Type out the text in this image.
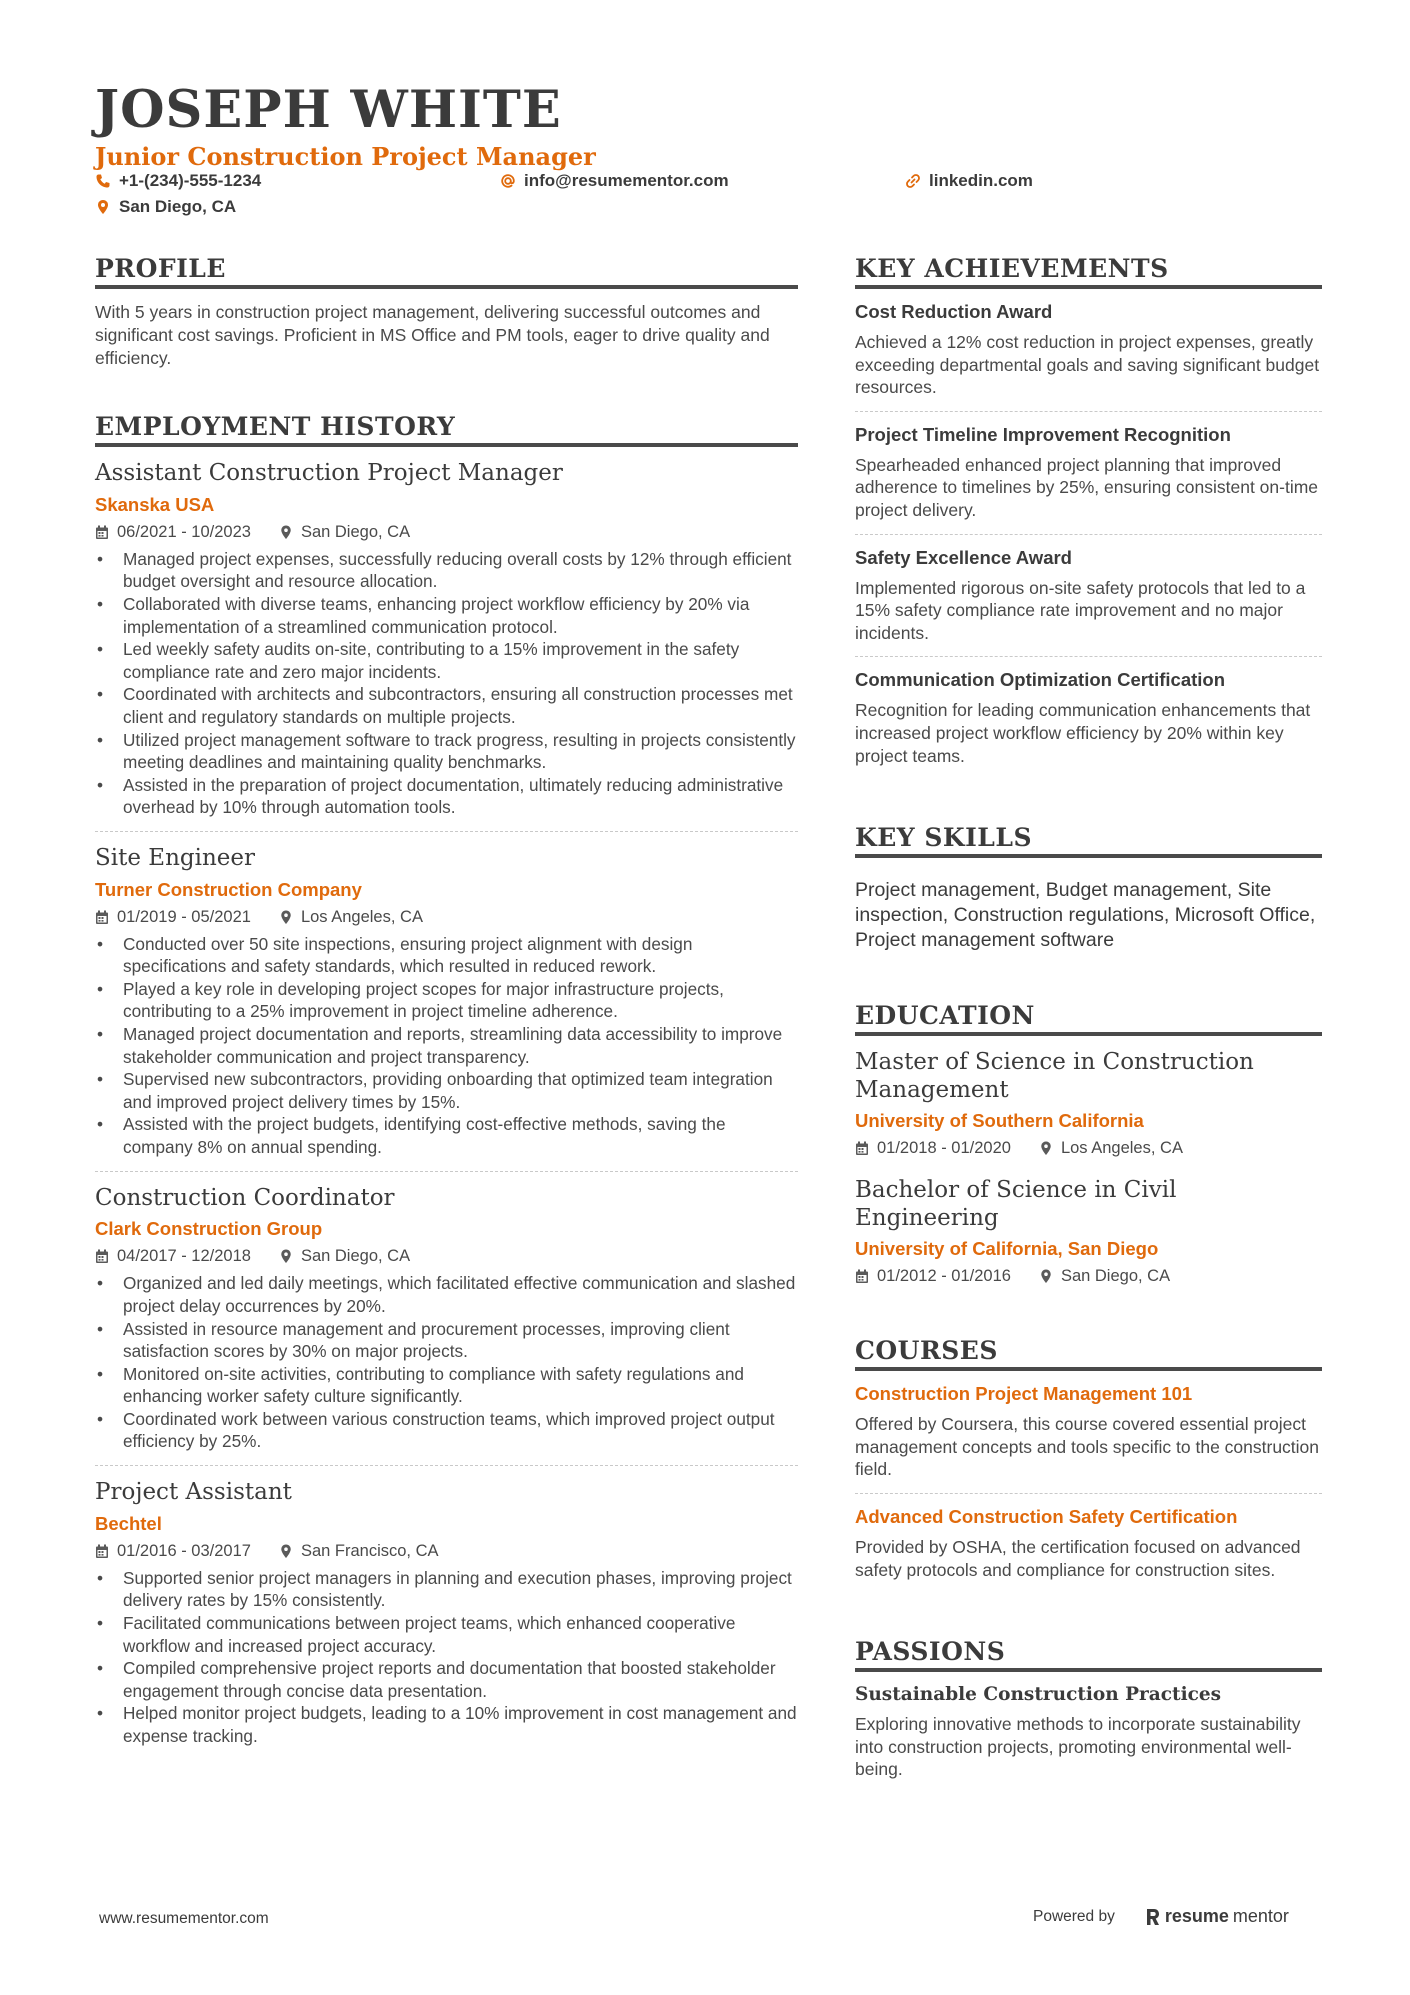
JOSEPH WHITE
Junior Construction Project Manager
+1-(234)-555-1234	info@resumementor.com	linkedin.com
San Diego, CA
PROFILE
With 5 years in construction project management, delivering successful outcomes and significant cost savings. Proficient in MS Office and PM tools, eager to drive quality and efficiency.
EMPLOYMENT HISTORY
Assistant Construction Project Manager
Skanska USA
06/2021 - 10/2023	San Diego, CA
• Managed project expenses, successfully reducing overall costs by 12% through efficient budget oversight and resource allocation.
• Collaborated with diverse teams, enhancing project workflow efficiency by 20% via implementation of a streamlined communication protocol.
• Led weekly safety audits on-site, contributing to a 15% improvement in the safety compliance rate and zero major incidents.
• Coordinated with architects and subcontractors, ensuring all construction processes met client and regulatory standards on multiple projects.
• Utilized project management software to track progress, resulting in projects consistently meeting deadlines and maintaining quality benchmarks.
• Assisted in the preparation of project documentation, ultimately reducing administrative overhead by 10% through automation tools.
Site Engineer
Turner Construction Company
01/2019 - 05/2021	Los Angeles, CA
• Conducted over 50 site inspections, ensuring project alignment with design specifications and safety standards, which resulted in reduced rework.
• Played a key role in developing project scopes for major infrastructure projects, contributing to a 25% improvement in project timeline adherence.
• Managed project documentation and reports, streamlining data accessibility to improve stakeholder communication and project transparency.
• Supervised new subcontractors, providing onboarding that optimized team integration and improved project delivery times by 15%.
• Assisted with the project budgets, identifying cost-effective methods, saving the company 8% on annual spending.
Construction Coordinator
Clark Construction Group
04/2017 - 12/2018	San Diego, CA
• Organized and led daily meetings, which facilitated effective communication and slashed project delay occurrences by 20%.
• Assisted in resource management and procurement processes, improving client satisfaction scores by 30% on major projects.
• Monitored on-site activities, contributing to compliance with safety regulations and enhancing worker safety culture significantly.
• Coordinated work between various construction teams, which improved project output efficiency by 25%.
Project Assistant
Bechtel
01/2016 - 03/2017	San Francisco, CA
• Supported senior project managers in planning and execution phases, improving project delivery rates by 15% consistently.
• Facilitated communications between project teams, which enhanced cooperative workflow and increased project accuracy.
• Compiled comprehensive project reports and documentation that boosted stakeholder engagement through concise data presentation.
• Helped monitor project budgets, leading to a 10% improvement in cost management and expense tracking.
KEY ACHIEVEMENTS
Cost Reduction Award
Achieved a 12% cost reduction in project expenses, greatly exceeding departmental goals and saving significant budget resources.
Project Timeline Improvement Recognition
Spearheaded enhanced project planning that improved adherence to timelines by 25%, ensuring consistent on-time project delivery.
Safety Excellence Award
Implemented rigorous on-site safety protocols that led to a 15% safety compliance rate improvement and no major incidents.
Communication Optimization Certification
Recognition for leading communication enhancements that increased project workflow efficiency by 20% within key project teams.
KEY SKILLS
Project management, Budget management, Site inspection, Construction regulations, Microsoft Office, Project management software
EDUCATION
Master of Science in Construction Management
University of Southern California
01/2018 - 01/2020	Los Angeles, CA
Bachelor of Science in Civil Engineering
University of California, San Diego
01/2012 - 01/2016	San Diego, CA
COURSES
Construction Project Management 101
Offered by Coursera, this course covered essential project management concepts and tools specific to the construction field.
Advanced Construction Safety Certification
Provided by OSHA, the certification focused on advanced safety protocols and compliance for construction sites.
PASSIONS
Sustainable Construction Practices
Exploring innovative methods to incorporate sustainability into construction projects, promoting environmental well-being.
www.resumementor.com	Powered by	resume mentor
